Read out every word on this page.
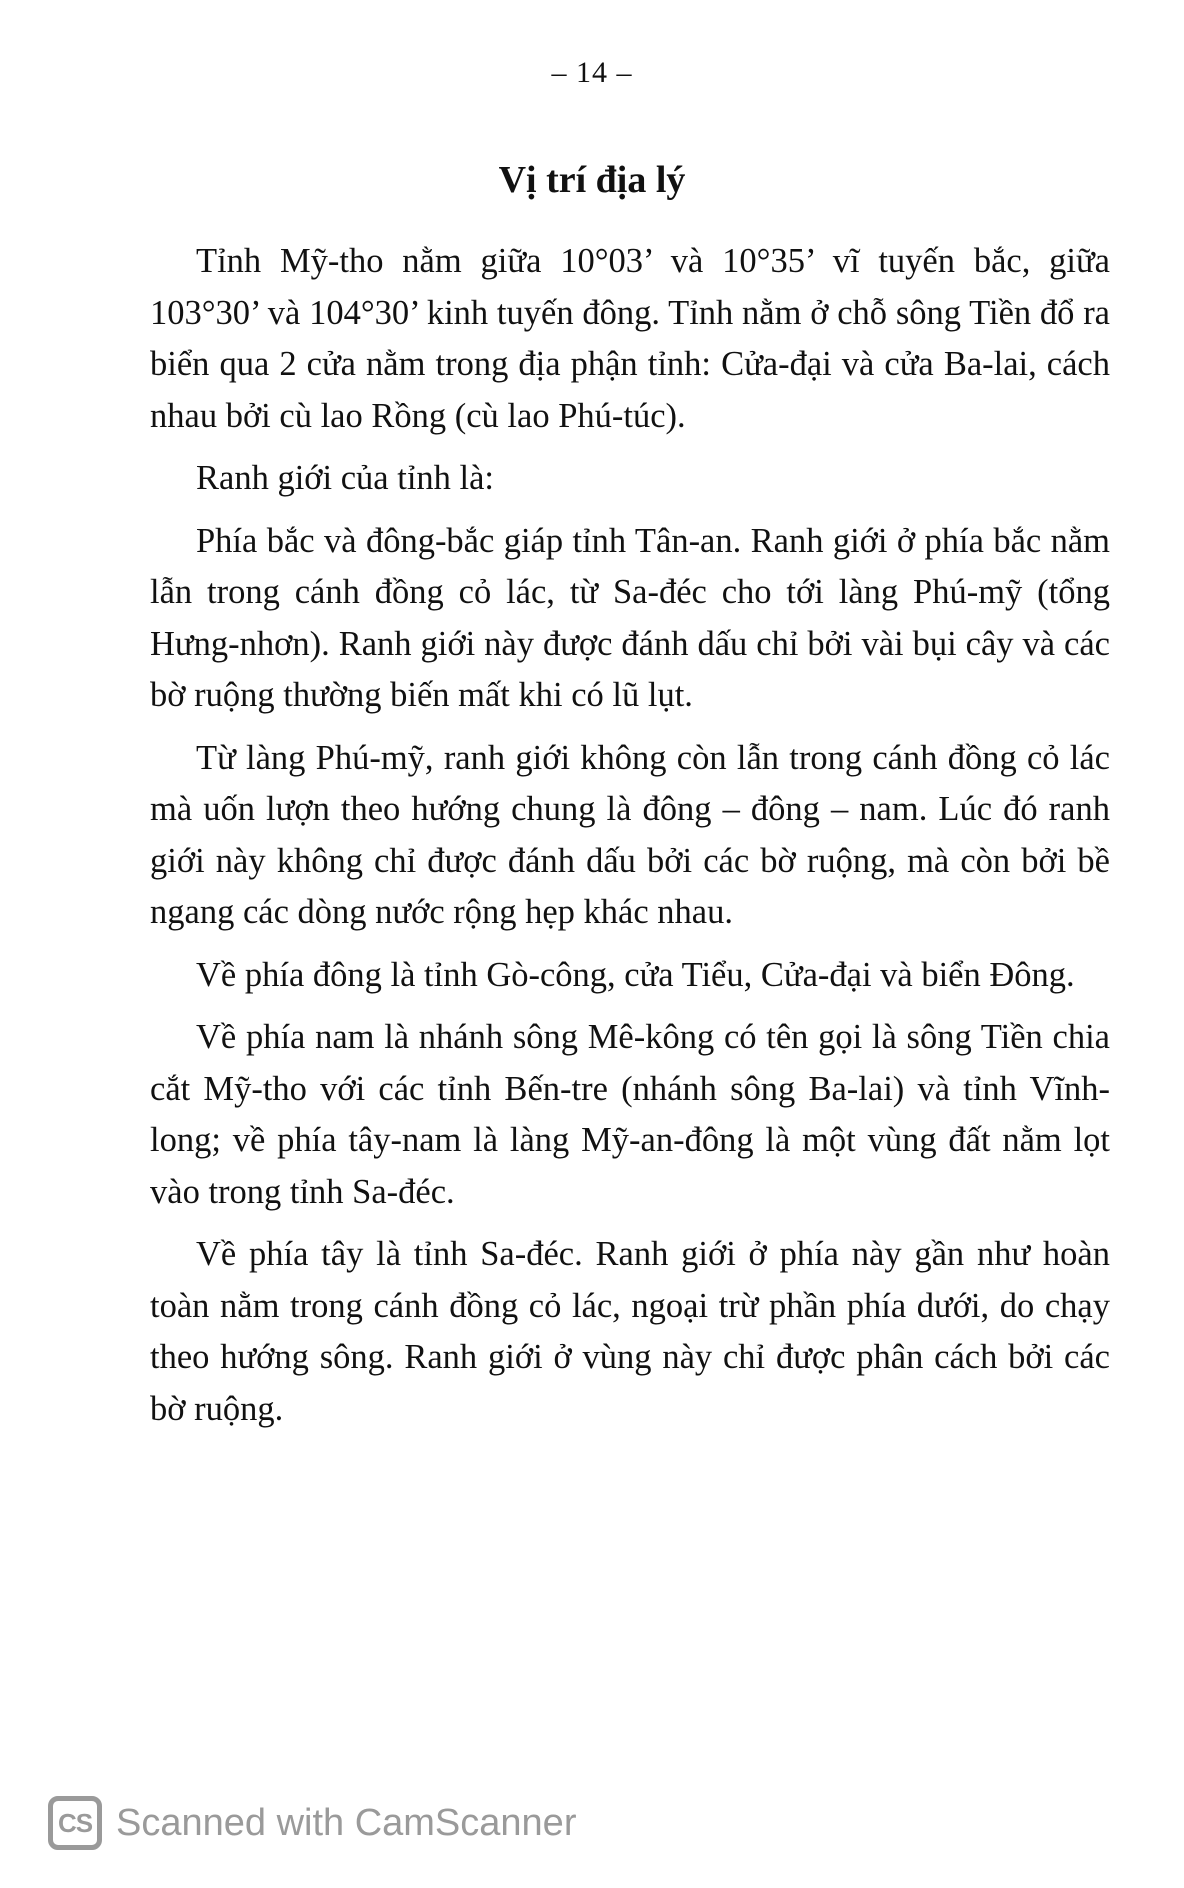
– 14 –
Vị trí địa lý

Tỉnh Mỹ-tho nằm giữa 10°03’ và 10°35’ vĩ tuyến bắc, giữa 103°30’ và 104°30’ kinh tuyến đông. Tỉnh nằm ở chỗ sông Tiền đổ ra biển qua 2 cửa nằm trong địa phận tỉnh: Cửa-đại và cửa Ba-lai, cách nhau bởi cù lao Rồng (cù lao Phú-túc).

Ranh giới của tỉnh là:

Phía bắc và đông-bắc giáp tỉnh Tân-an. Ranh giới ở phía bắc nằm lẫn trong cánh đồng cỏ lác, từ Sa-đéc cho tới làng Phú-mỹ (tổng Hưng-nhơn). Ranh giới này được đánh dấu chỉ bởi vài bụi cây và các bờ ruộng thường biến mất khi có lũ lụt.

Từ làng Phú-mỹ, ranh giới không còn lẫn trong cánh đồng cỏ lác mà uốn lượn theo hướng chung là đông – đông – nam. Lúc đó ranh giới này không chỉ được đánh dấu bởi các bờ ruộng, mà còn bởi bề ngang các dòng nước rộng hẹp khác nhau.

Về phía đông là tỉnh Gò-công, cửa Tiểu, Cửa-đại và biển Đông.

Về phía nam là nhánh sông Mê-kông có tên gọi là sông Tiền chia cắt Mỹ-tho với các tỉnh Bến-tre (nhánh sông Ba-lai) và tỉnh Vĩnh-long; về phía tây-nam là làng Mỹ-an-đông là một vùng đất nằm lọt vào trong tỉnh Sa-đéc.

Về phía tây là tỉnh Sa-đéc. Ranh giới ở phía này gần như hoàn toàn nằm trong cánh đồng cỏ lác, ngoại trừ phần phía dưới, do chạy theo hướng sông. Ranh giới ở vùng này chỉ được phân cách bởi các bờ ruộng.

CS Scanned with CamScanner
